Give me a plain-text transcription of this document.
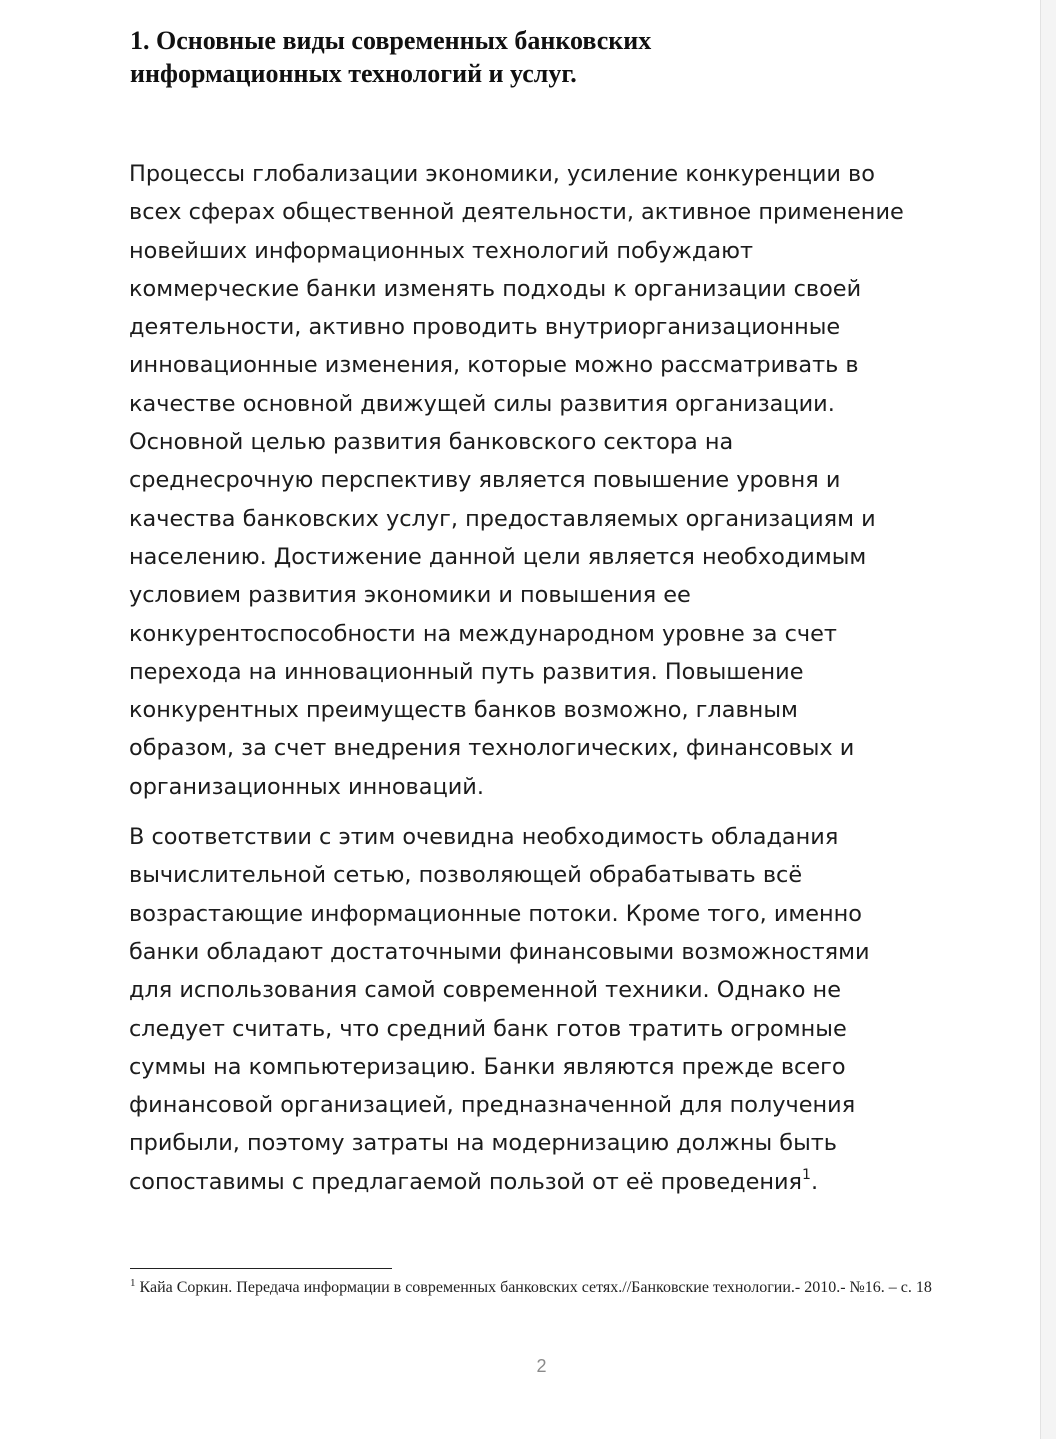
1. Основные виды современных банковских
информационных технологий и услуг.

Процессы глобализации экономики, усиление конкуренции во
всех сферах общественной деятельности, активное применение
новейших информационных технологий побуждают
коммерческие банки изменять подходы к организации своей
деятельности, активно проводить внутриорганизационные
инновационные изменения, которые можно рассматривать в
качестве основной движущей силы развития организации.
Основной целью развития банковского сектора на
среднесрочную перспективу является повышение уровня и
качества банковских услуг, предоставляемых организациям и
населению. Достижение данной цели является необходимым
условием развития экономики и повышения ее
конкурентоспособности на международном уровне за счет
перехода на инновационный путь развития. Повышение
конкурентных преимуществ банков возможно, главным
образом, за счет внедрения технологических, финансовых и
организационных инноваций.

В соответствии с этим очевидна необходимость обладания
вычислительной сетью, позволяющей обрабатывать всё
возрастающие информационные потоки. Кроме того, именно
банки обладают достаточными финансовыми возможностями
для использования самой современной техники. Однако не
следует считать, что средний банк готов тратить огромные
суммы на компьютеризацию. Банки являются прежде всего
финансовой организацией, предназначенной для получения
прибыли, поэтому затраты на модернизацию должны быть
сопоставимы с предлагаемой пользой от её проведения$^1$.

$^1$ Кайа Соркин. Передача информации в современных банковских сетях.//Банковские технологии.- 2010.- №16. – с. 18
2
